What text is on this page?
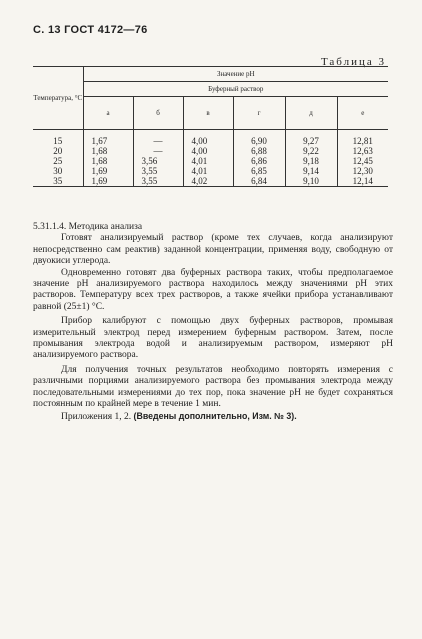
С. 13 ГОСТ 4172—76
Таблица 3
Температура, °С	Значение рН					
	Буферный раствор					
	а	б	в	г	д	е

15	1,67	—	4,00	6,90	9,27	12,81
20	1,68	—	4,00	6,88	9,22	12,63
25	1,68	3,56	4,01	6,86	9,18	12,45
30	1,69	3,55	4,01	6,85	9,14	12,30
35	1,69	3,55	4,02	6,84	9,10	12,14

5.31.1.4. Методика анализа

Готовят анализируемый раствор (кроме тех случаев, когда анализируют непосредственно сам реактив) заданной концентрации, применяя воду, свободную от двуокиси углерода.

Одновременно готовят два буферных раствора таких, чтобы предполагаемое значение рН анализируемого раствора находилось между значениями рН этих растворов. Температуру всех трех растворов, а также ячейки прибора устанавливают равной (25±1) °С.

Прибор калибруют с помощью двух буферных растворов, промывая измерительный электрод перед измерением буферным раствором. Затем, после промывания электрода водой и анализируемым раствором, измеряют рН анализируемого раствора.

Для получения точных результатов необходимо повторять измерения с различными порциями анализируемого раствора без промывания электрода между последовательными измерениями до тех пор, пока значение рН не будет сохраняться постоянным по крайней мере в течение 1 мин.

Приложения 1, 2. (Введены дополнительно, Изм. № 3).
